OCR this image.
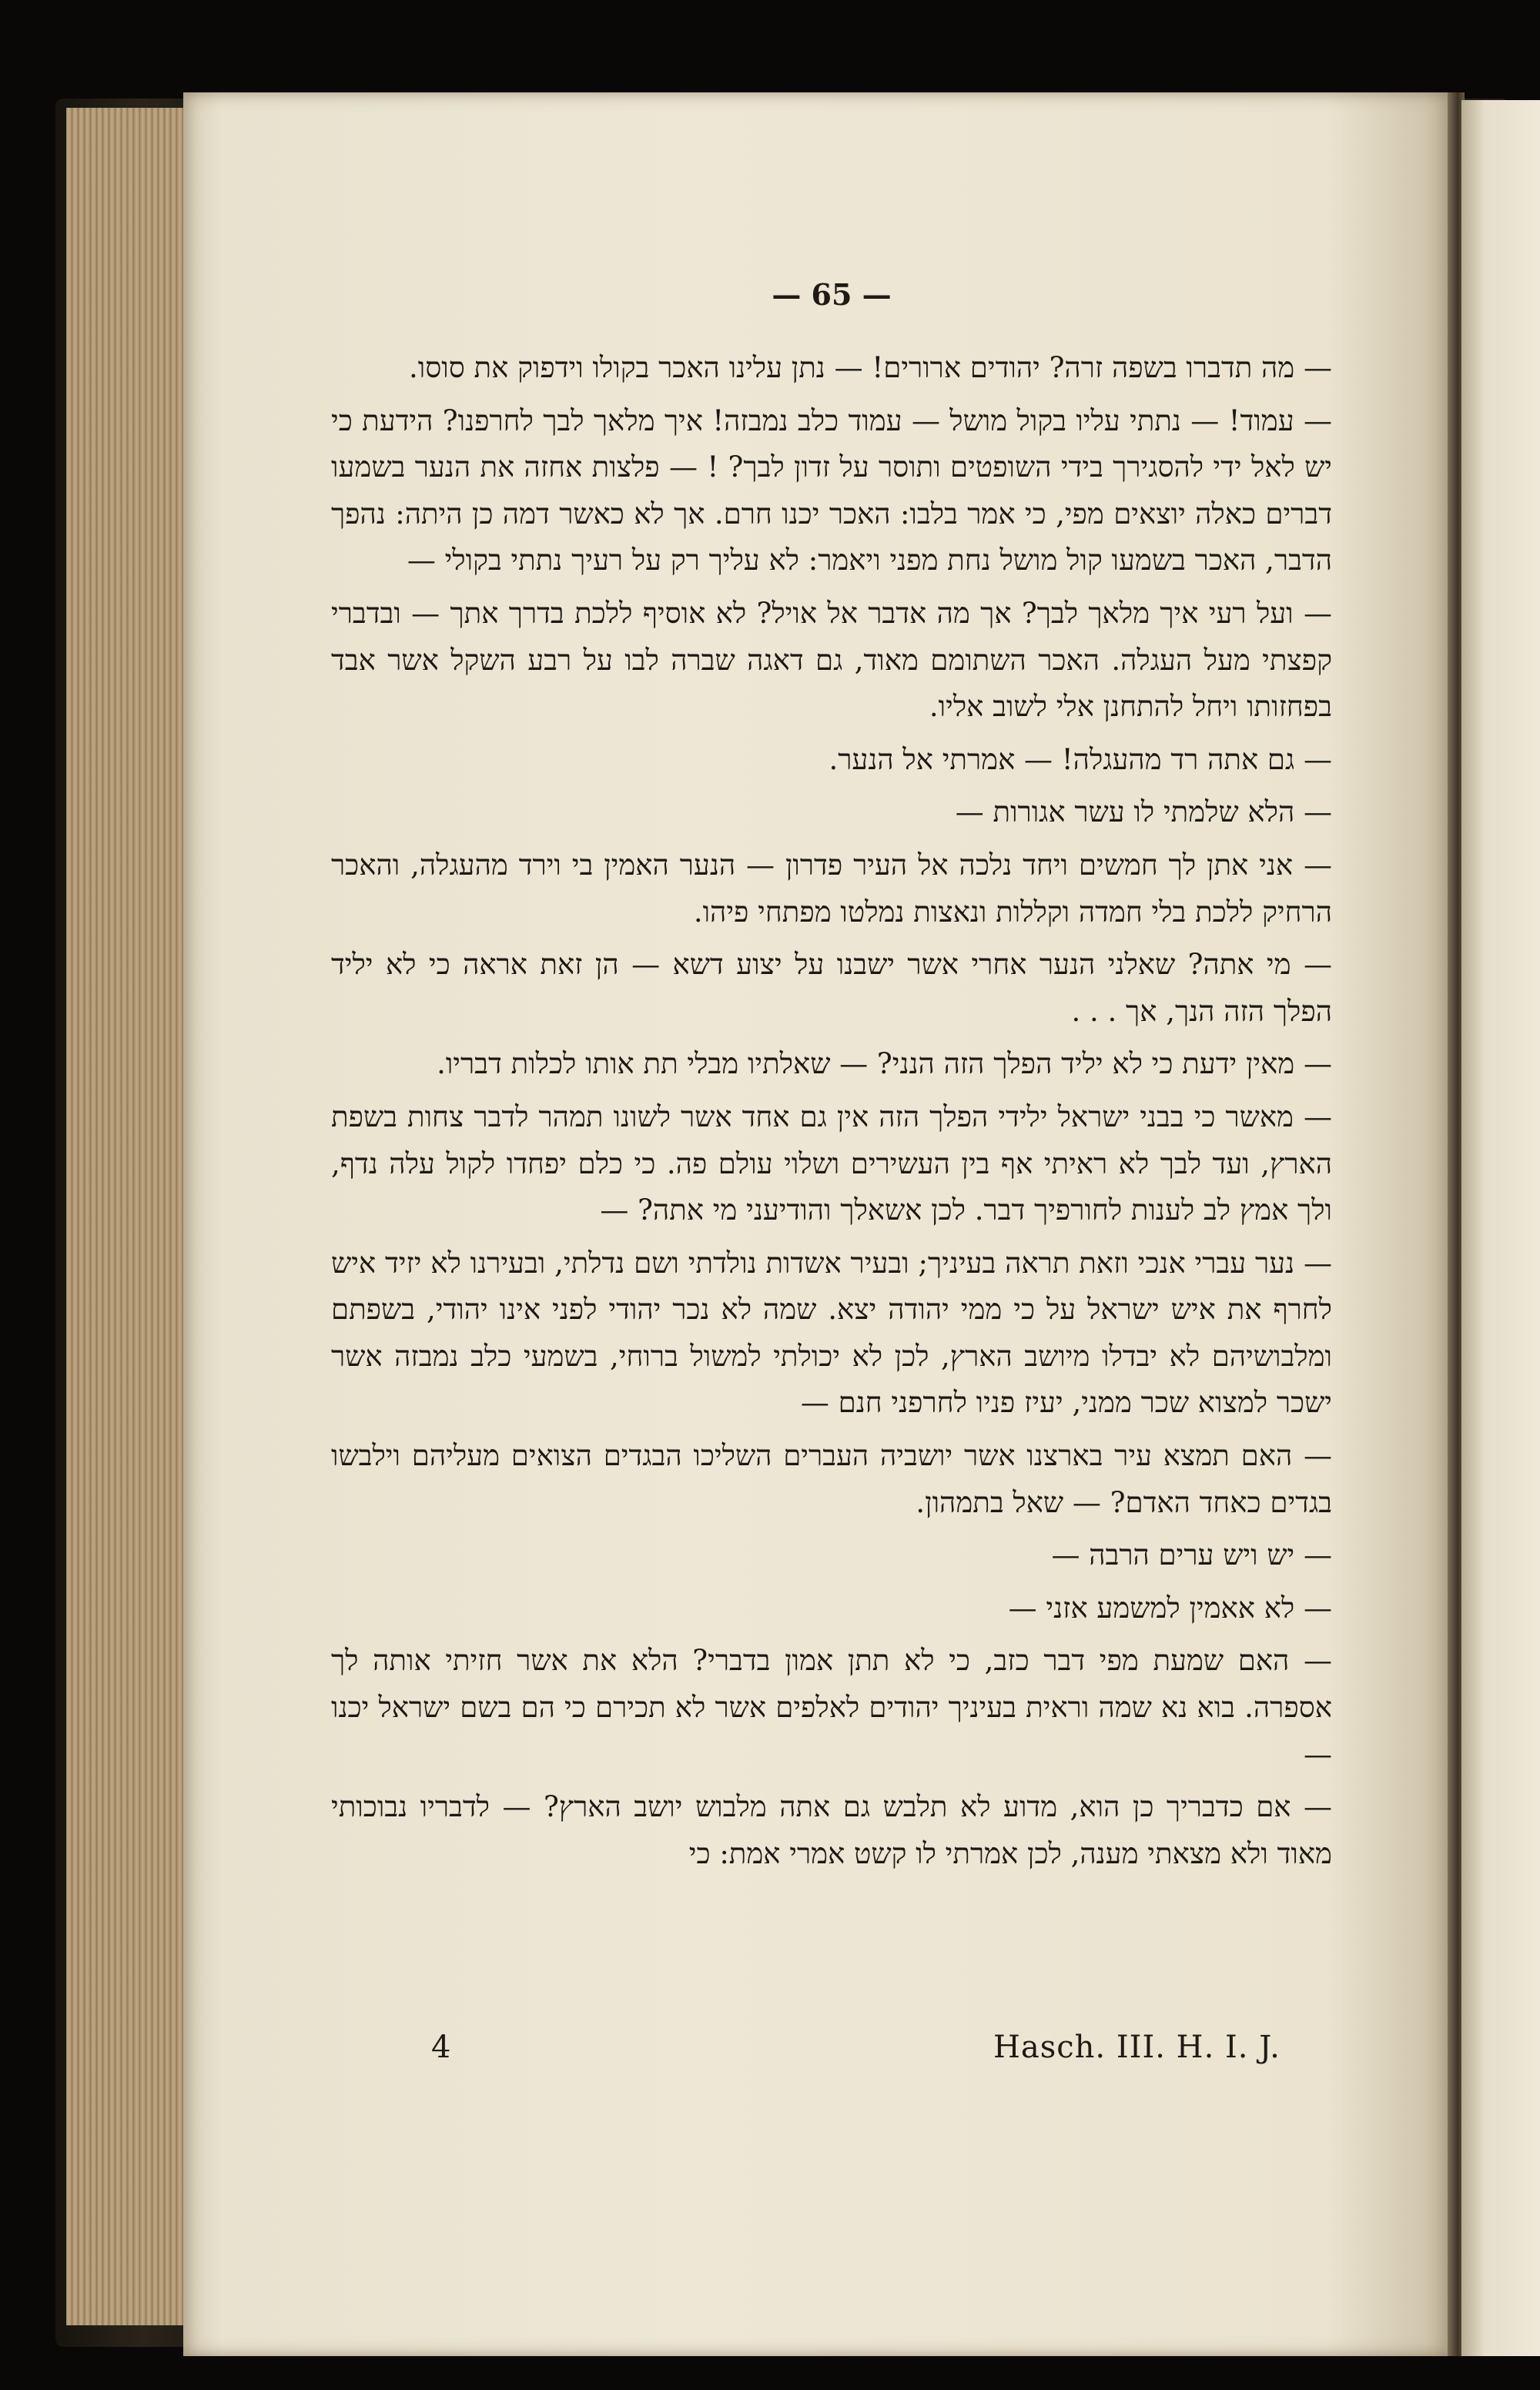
— 65 —

— מה תדברו בשפה זרה? יהודים ארורים! — נתן עלינו האכר בקולו וידפוק את סוסו.

— עמוד! — נתתי עליו בקול מושל — עמוד כלב נמבזה! איך מלאך לבך לחרפנו? הידעת כי יש לאל ידי להסגירך בידי השופטים ותוסר על זדון לבך? ! — פלצות אחזה את הנער בשמעו דברים כאלה יוצאים מפי, כי אמר בלבו: האכר יכנו חרם. אך לא כאשר דמה כן היתה: נהפך הדבר, האכר בשמעו קול מושל נחת מפני ויאמר: לא עליך רק על רעיך נתתי בקולי —

— ועל רעי איך מלאך לבך? אך מה אדבר אל אויל? לא אוסיף ללכת בדרך אתך — ובדברי קפצתי מעל העגלה. האכר השתומם מאוד, גם דאגה שברה לבו על רבע השקל אשר אבד בפחזותו ויחל להתחנן אלי לשוב אליו.

— גם אתה רד מהעגלה! — אמרתי אל הנער.

— הלא שלמתי לו עשר אגורות —

— אני אתן לך חמשים ויחד נלכה אל העיר פדרון — הנער האמין בי וירד מהעגלה, והאכר הרחיק ללכת בלי חמדה וקללות ונאצות נמלטו מפתחי פיהו.

— מי אתה? שאלני הנער אחרי אשר ישבנו על יצוע דשא — הן זאת אראה כי לא יליד הפלך הזה הנך, אך . . .

— מאין ידעת כי לא יליד הפלך הזה הנני? — שאלתיו מבלי תת אותו לכלות דבריו.

— מאשר כי בבני ישראל ילידי הפלך הזה אין גם אחד אשר לשונו תמהר לדבר צחות בשפת הארץ, ועד לבך לא ראיתי אף בין העשירים ושלוי עולם פה. כי כלם יפחדו לקול עלה נדף, ולך אמץ לב לענות לחורפיך דבר. לכן אשאלך והודיעני מי אתה? —

— נער עברי אנכי וזאת תראה בעיניך; ובעיר אשדות נולדתי ושם נדלתי, ובעירנו לא יזיד איש לחרף את איש ישראל על כי ממי יהודה יצא. שמה לא נכר יהודי לפני אינו יהודי, בשפתם ומלבושיהם לא יבדלו מיושב הארץ, לכן לא יכולתי למשול ברוחי, בשמעי כלב נמבזה אשר ישכר למצוא שכר ממני, יעיז פניו לחרפני חנם —

— האם תמצא עיר בארצנו אשר יושביה העברים השליכו הבגדים הצואים מעליהם וילבשו בגדים כאחד האדם? — שאל בתמהון.

— יש ויש ערים הרבה —

— לא אאמין למשמע אזני —

— האם שמעת מפי דבר כזב, כי לא תתן אמון בדברי? הלא את אשר חזיתי אותה לך אספרה. בוא נא שמה וראית בעיניך יהודים לאלפים אשר לא תכירם כי הם בשם ישראל יכנו —

— אם כדבריך כן הוא, מדוע לא תלבש גם אתה מלבוש יושב הארץ? — לדבריו נבוכותי מאוד ולא מצאתי מענה, לכן אמרתי לו קשט אמרי אמת: כי

4	Hasch. III. H. I. J.
